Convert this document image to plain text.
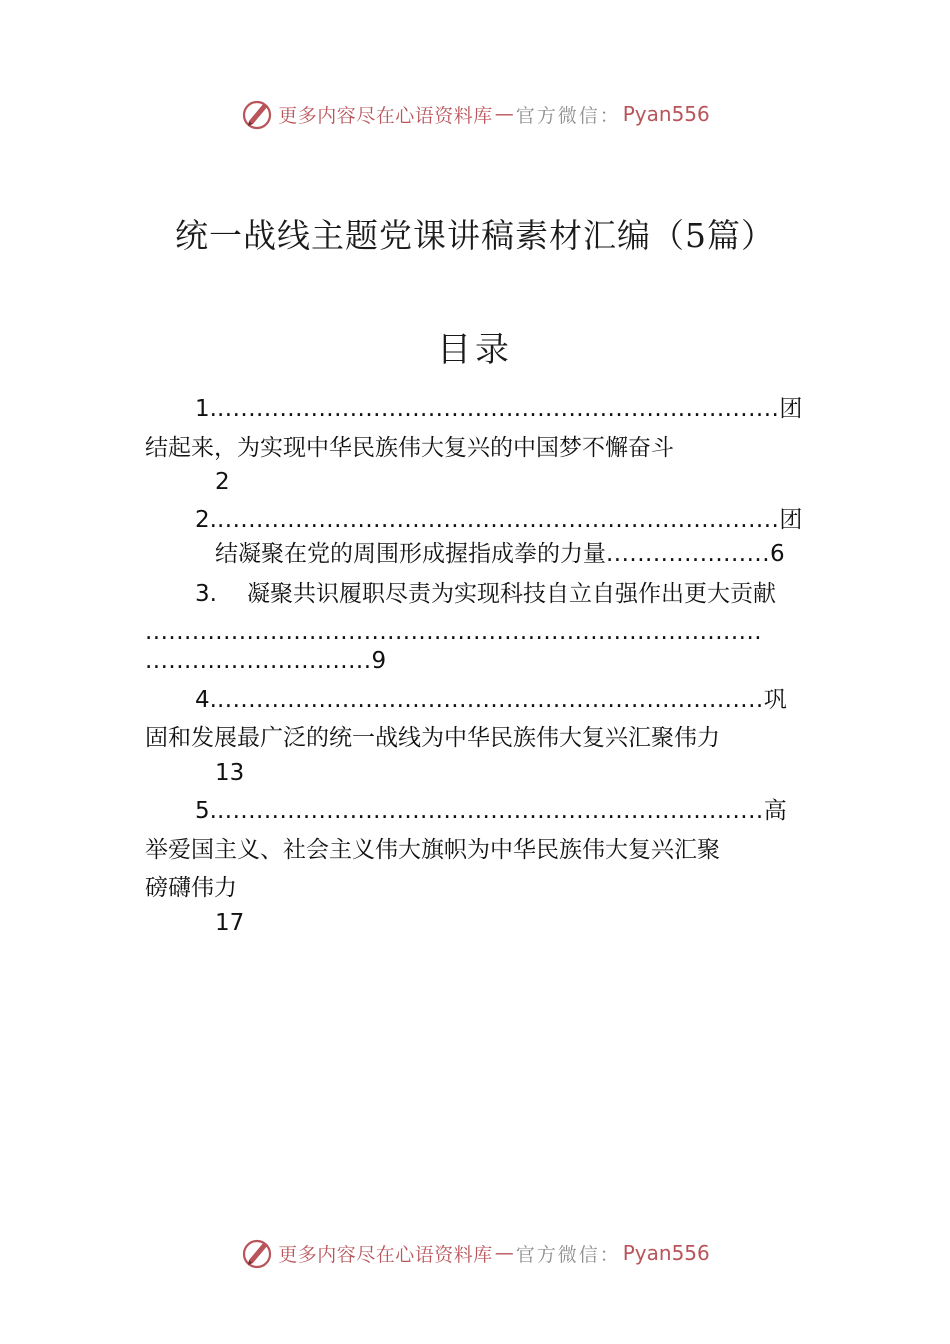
更多内容尽在心语资料库 — 官方微信： Pyan556
统一战线主题党课讲稿素材汇编（5篇）
目录
1.........................................................................团
结起来，为实现中华民族伟大复兴的中国梦不懈奋斗
2
2.........................................................................团
结凝聚在党的周围形成握指成拳的力量.....................6
3. 凝聚共识履职尽责为实现科技自立自强作出更大贡献
...............................................................................
.............................9
4.......................................................................巩
固和发展最广泛的统一战线为中华民族伟大复兴汇聚伟力
13
5.......................................................................高
举爱国主义、社会主义伟大旗帜为中华民族伟大复兴汇聚
磅礴伟力
17
更多内容尽在心语资料库 — 官方微信： Pyan556
